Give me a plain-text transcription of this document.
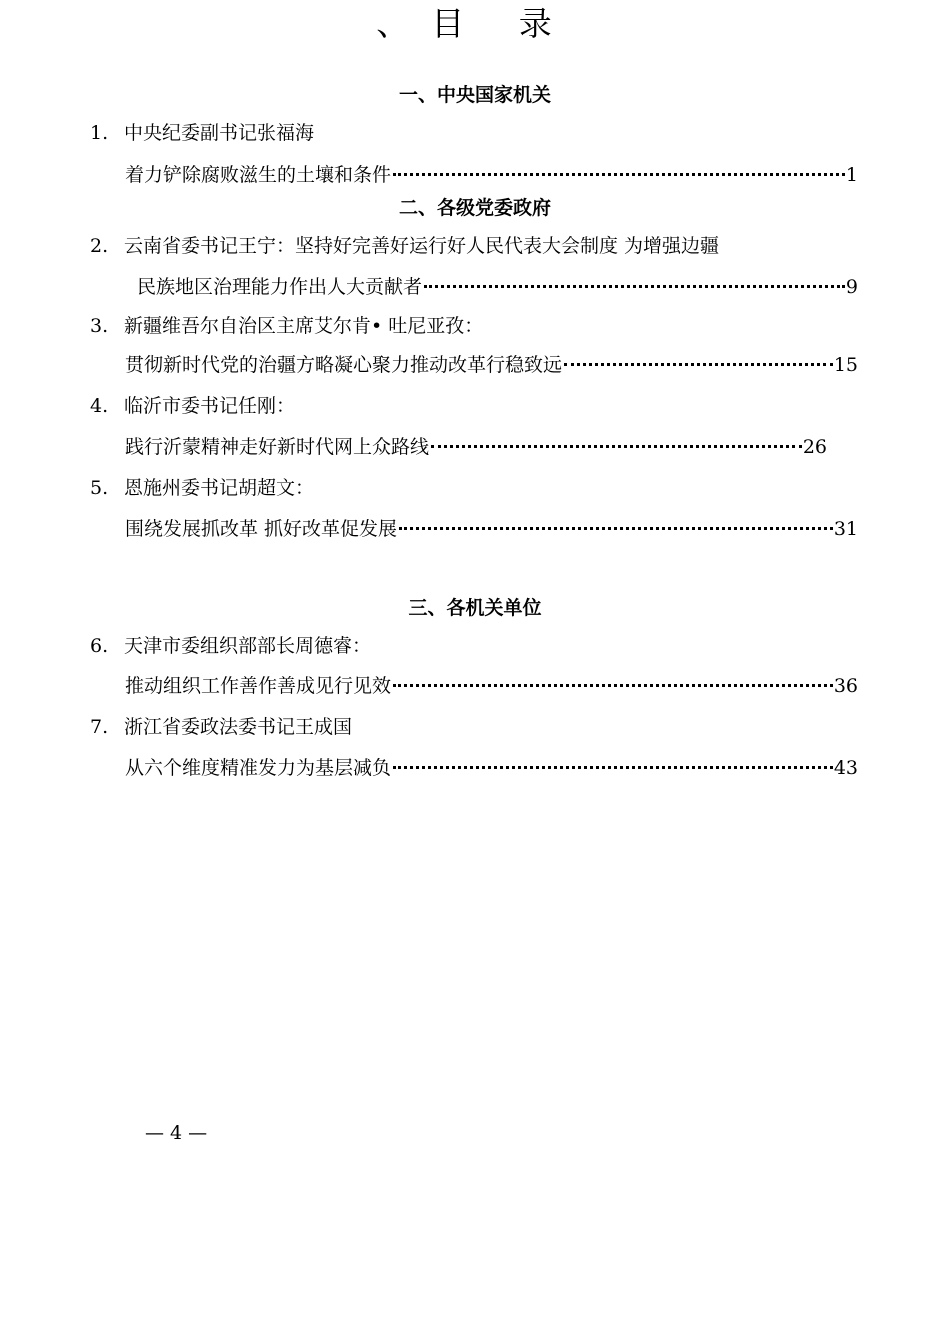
、目 录
一、中央国家机关
1. 中央纪委副书记张福海
着力铲除腐败滋生的土壤和条件	1
二、各级党委政府
2. 云南省委书记王宁：坚持好完善好运行好人民代表大会制度 为增强边疆
民族地区治理能力作出人大贡献者	9
3. 新疆维吾尔自治区主席艾尔肯• 吐尼亚孜：
贯彻新时代党的治疆方略凝心聚力推动改革行稳致远	15
4. 临沂市委书记任刚：
践行沂蒙精神走好新时代网上众路线	26
5. 恩施州委书记胡超文：
围绕发展抓改革 抓好改革促发展	31
三、各机关单位
6. 天津市委组织部部长周德睿：
推动组织工作善作善成见行见效	36
7. 浙江省委政法委书记王成国
从六个维度精准发力为基层减负	43
— 4 —
